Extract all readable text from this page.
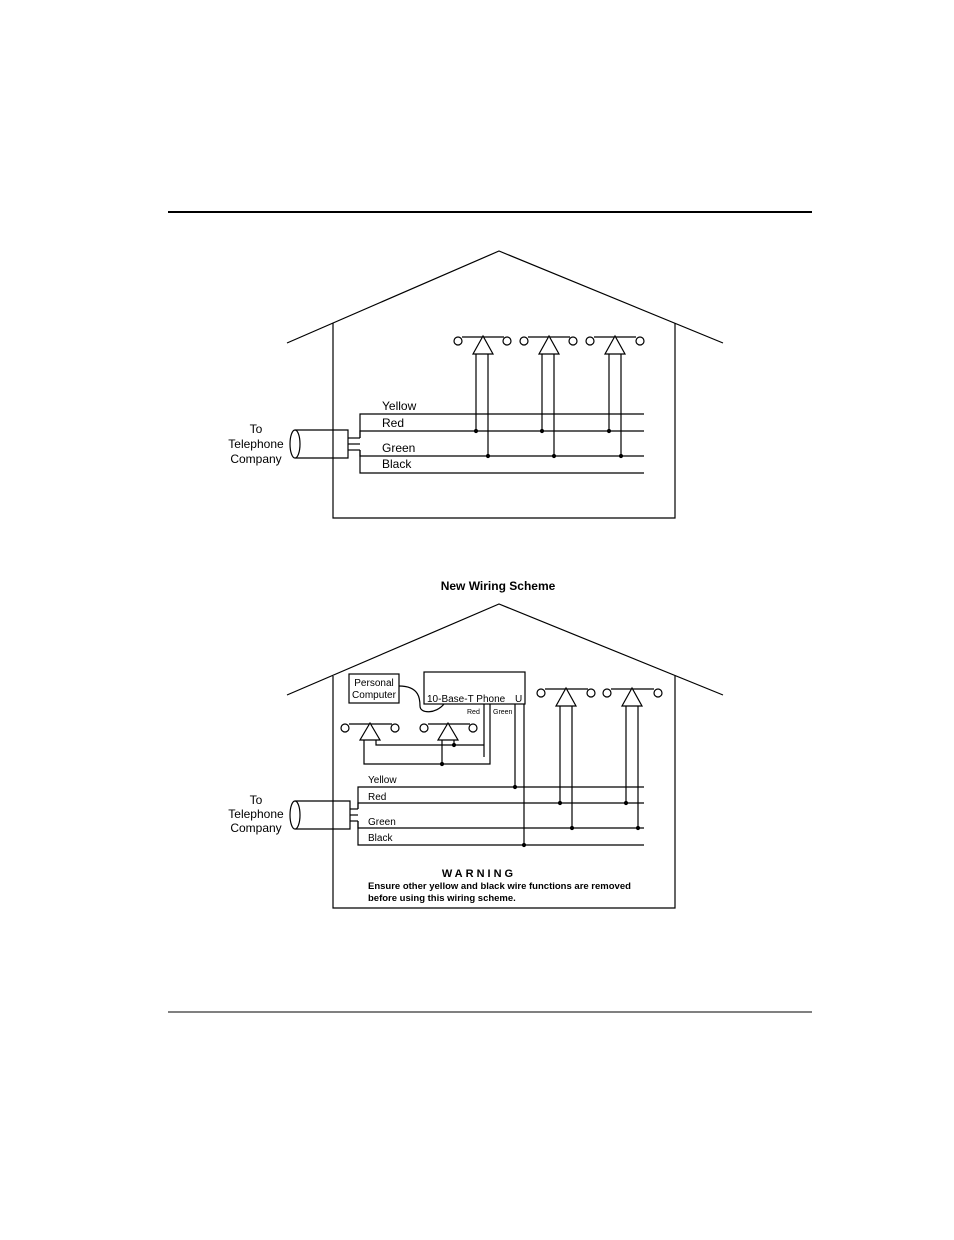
To
Telephone
Company
Yellow
Red
Green
Black
New Wiring Scheme
Personal
Computer	10-Base-T Phone U
Red Green
To
Telephone
Company
Yellow
Red
Green
Black
WARNING
Ensure other yellow and black wire functions are removed
before using this wiring scheme.
